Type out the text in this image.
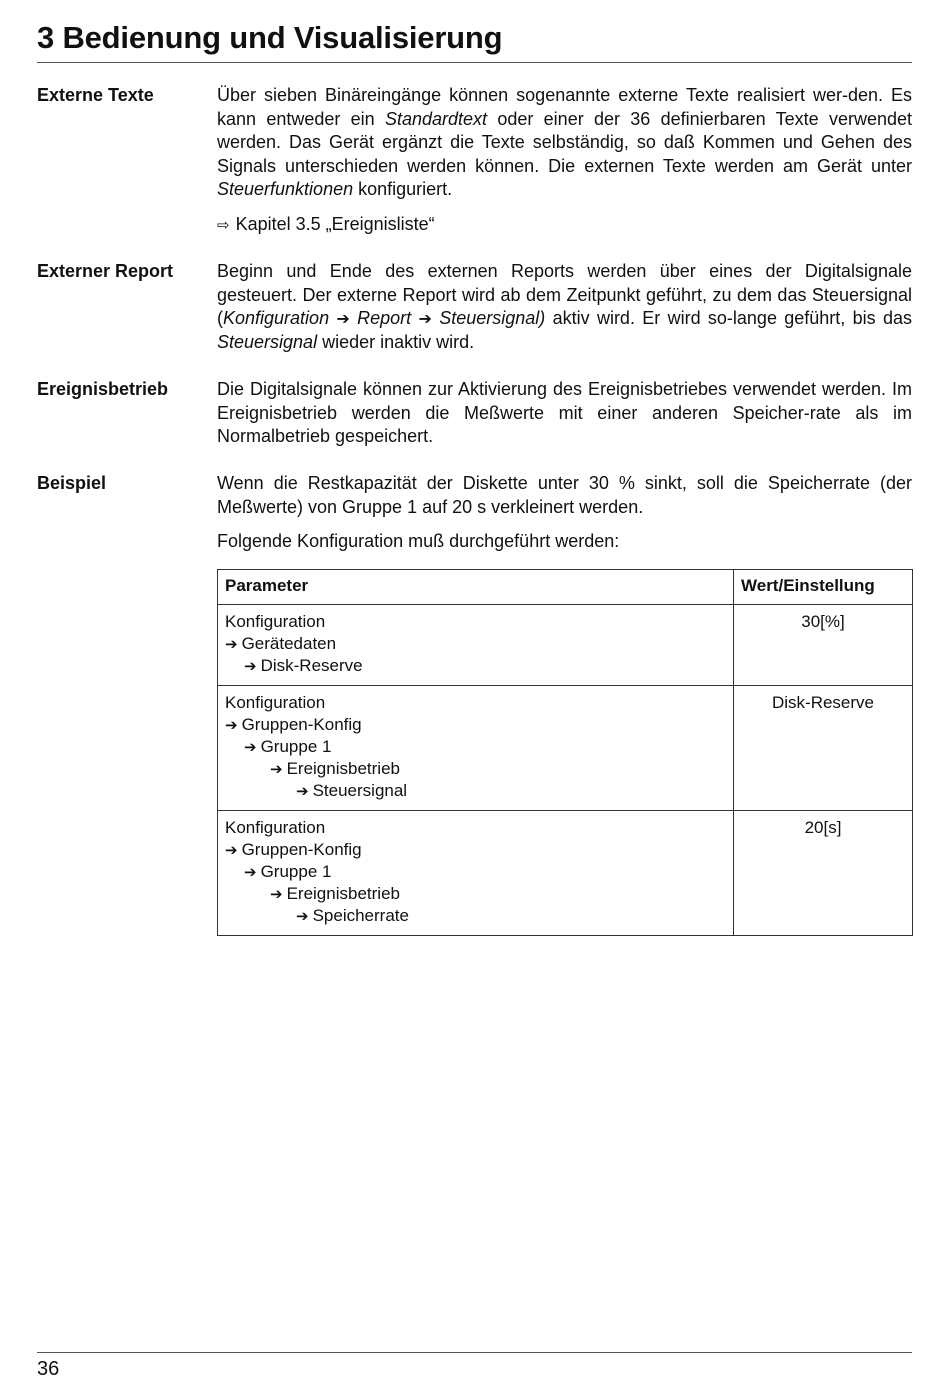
3 Bedienung und Visualisierung
Externe Texte	Über sieben Binäreingänge können sogenannte externe Texte realisiert wer-den. Es kann entweder ein Standardtext oder einer der 36 definierbaren Texte verwendet werden. Das Gerät ergänzt die Texte selbständig, so daß Kommen und Gehen des Signals unterschieden werden können. Die externen Texte werden am Gerät unter Steuerfunktionen konfiguriert.

⇨ Kapitel 3.5 „Ereignisliste“

Externer Report	Beginn und Ende des externen Reports werden über eines der Digitalsignale gesteuert. Der externe Report wird ab dem Zeitpunkt geführt, zu dem das Steuersignal (Konfiguration ➔ Report ➔ Steuersignal) aktiv wird. Er wird so-lange geführt, bis das Steuersignal wieder inaktiv wird.

Ereignisbetrieb	Die Digitalsignale können zur Aktivierung des Ereignisbetriebes verwendet werden. Im Ereignisbetrieb werden die Meßwerte mit einer anderen Speicher-rate als im Normalbetrieb gespeichert.

Beispiel	Wenn die Restkapazität der Diskette unter 30 % sinkt, soll die Speicherrate (der Meßwerte) von Gruppe 1 auf 20 s verkleinert werden.

Folgende Konfiguration muß durchgeführt werden:

Parameter	Wert/Einstellung

Konfiguration
➔ Gerätedaten
➔ Disk-Reserve	30[%]

Konfiguration
➔ Gruppen-Konfig
➔ Gruppe 1
➔ Ereignisbetrieb
➔ Steuersignal	Disk-Reserve

Konfiguration
➔ Gruppen-Konfig
➔ Gruppe 1
➔ Ereignisbetrieb
➔ Speicherrate	20[s]
36
